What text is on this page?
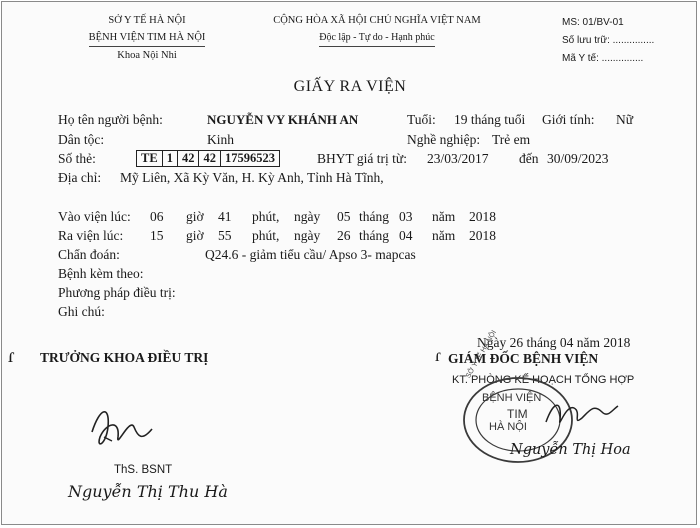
SỞ Y TẾ HÀ NỘI
BỆNH VIỆN TIM HÀ NỘI
Khoa Nội Nhi
CỘNG HÒA XÃ HỘI CHỦ NGHĨA VIỆT NAM
Độc lập - Tự do - Hạnh phúc
MS: 01/BV-01
Số lưu trữ: ...............
Mã Y tế: ...............
GIẤY RA VIỆN
Họ tên người bệnh:	NGUYỄN VY KHÁNH AN	Tuổi: 19 tháng tuổi Giới tính: Nữ
Dân tộc:	Kinh	Nghề nghiệp: Trẻ em
Số thẻ:	TE 1 42 42 17596523	BHYT giá trị từ: 23/03/2017 đến 30/09/2023
Địa chỉ: Mỹ Liên, Xã Kỳ Văn, H. Kỳ Anh, Tỉnh Hà Tĩnh,
Vào viện lúc: 06 giờ 41 phút, ngày 05 tháng 03 năm 2018
Ra viện lúc: 15 giờ 55 phút, ngày 26 tháng 04 năm 2018
Chẩn đoán:	Q24.6 - giảm tiểu cầu/ Apso 3- mapcas
Bệnh kèm theo:
Phương pháp điều trị:
Ghi chú:
Ngày 26 tháng 04 năm 2018
ɾ TRƯỞNG KHOA ĐIỀU TRỊ
ThS. BSNT
Nguyễn Thị Thu Hà
ɾ GIÁM ĐỐC BỆNH VIỆN
KT. PHÒNG KẾ HOẠCH TỔNG HỢP
BỆNH VIỆN
TIM
HÀ NỘI
SỞ Y TẾ HÀ NỘI
Nguyễn Thị Hoa
